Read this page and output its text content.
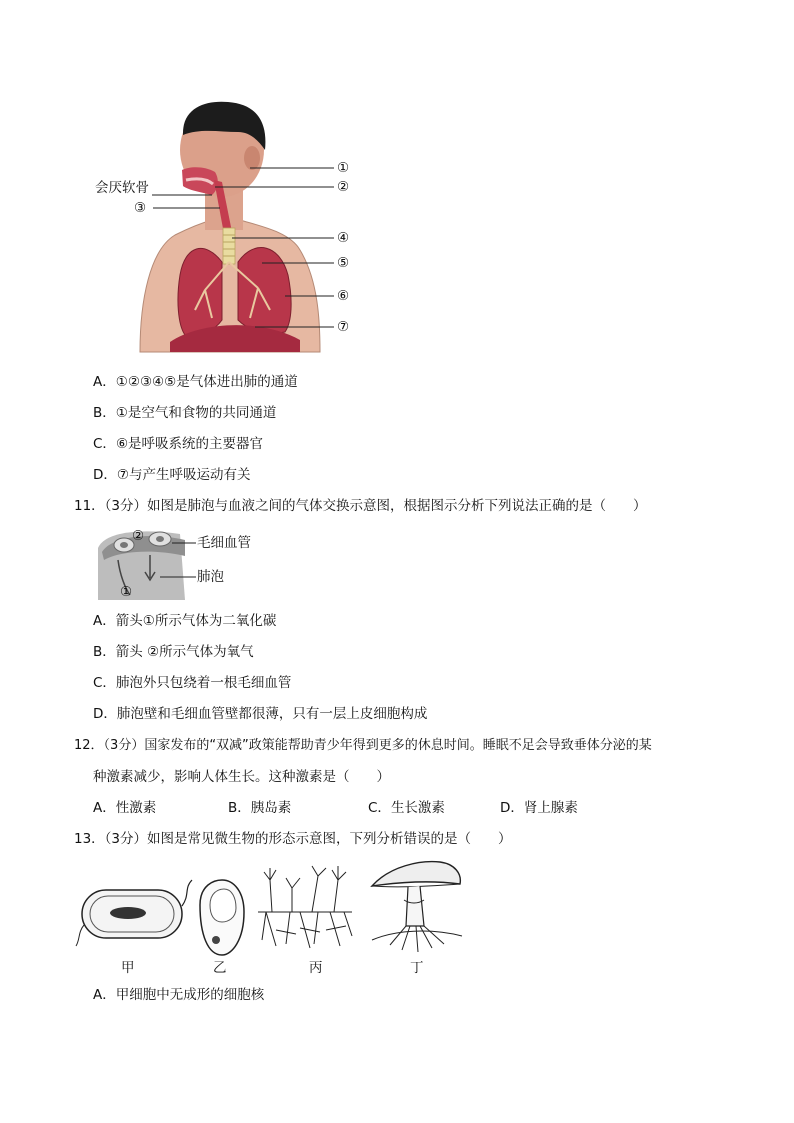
会厌软骨
①
②
③
④
⑤
⑥
⑦
A．①②③④⑤是气体进出肺的通道
B．①是空气和食物的共同通道
C．⑥是呼吸系统的主要器官
D．⑦与产生呼吸运动有关
11．（3分）如图是肺泡与血液之间的气体交换示意图，根据图示分析下列说法正确的是（　　）
②
①
毛细血管
肺泡
A．箭头①所示气体为二氧化碳
B．箭头 ②所示气体为氧气
C．肺泡外只包绕着一根毛细血管
D．肺泡壁和毛细血管壁都很薄，只有一层上皮细胞构成
12．（3分）国家发布的“双减”政策能帮助青少年得到更多的休息时间。睡眠不足会导致垂体分泌的某
种激素减少，影响人体生长。这种激素是（　　）
A．性激素	B．胰岛素	C．生长激素	D．肾上腺素
13．（3分）如图是常见微生物的形态示意图，下列分析错误的是（　　）
甲	乙	丙	丁
A．甲细胞中无成形的细胞核
